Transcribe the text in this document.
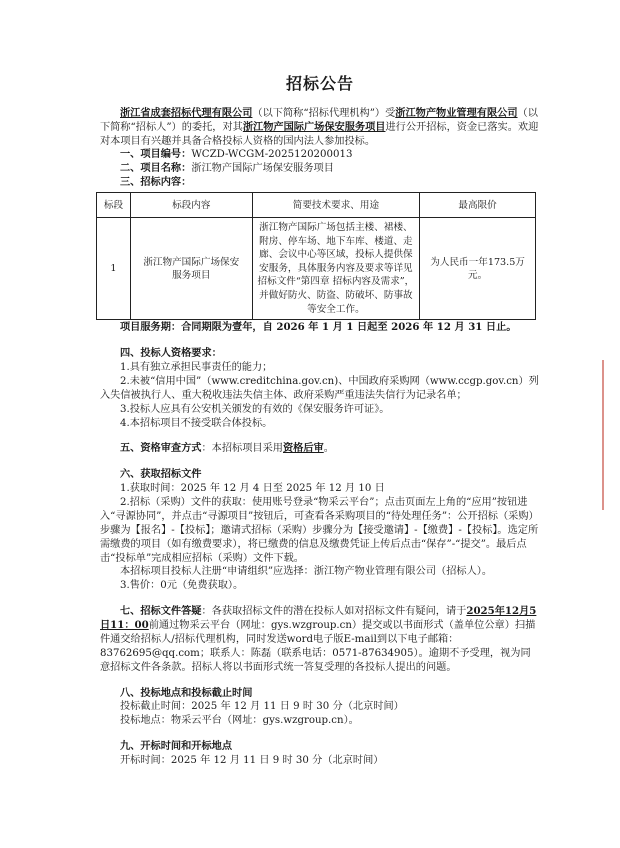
招标公告

浙江省成套招标代理有限公司（以下简称“招标代理机构”）受浙江物产物业管理有限公司（以下简称“招标人”）的委托，对其浙江物产国际广场保安服务项目进行公开招标，资金已落实。欢迎对本项目有兴趣并具备合格投标人资格的国内法人参加投标。

一、项目编号：WCZD-WCGM-2025120200013

二、项目名称：浙江物产国际广场保安服务项目

三、招标内容：

标段	标段内容	简要技术要求、用途	最高限价
1	浙江物产国际广场保安服务项目	浙江物产国际广场包括主楼、裙楼、附房、停车场、地下车库、楼道、走廊、会议中心等区域，投标人提供保安服务，具体服务内容及要求等详见招标文件“第四章 招标内容及需求”，并做好防火、防盗、防破坏、防事故等安全工作。	为人民币一年173.5万元。

项目服务期：合同期限为壹年，自 2026 年 1 月 1 日起至 2026 年 12 月 31 日止。

四、投标人资格要求：

1.具有独立承担民事责任的能力；

2.未被“信用中国”（www.creditchina.gov.cn)、中国政府采购网（www.ccgp.gov.cn）列入失信被执行人、重大税收违法失信主体、政府采购严重违法失信行为记录名单；

3.投标人应具有公安机关颁发的有效的《保安服务许可证》。

4.本招标项目不接受联合体投标。

五、资格审查方式：本招标项目采用资格后审。

六、获取招标文件

1.获取时间：2025 年 12 月 4 日至 2025 年 12 月 10 日

2.招标（采购）文件的获取：使用账号登录“物采云平台”；点击页面左上角的“应用”按钮进入“寻源协同”，并点击“寻源项目”按钮后，可查看各采购项目的“待处理任务”：公开招标（采购）步骤为【报名】-【投标】；邀请式招标（采购）步骤分为【接受邀请】-【缴费】-【投标】。选定所需缴费的项目（如有缴费要求），将已缴费的信息及缴费凭证上传后点击“保存”-“提交”。最后点击“投标单”完成相应招标（采购）文件下载。

本招标项目投标人注册“申请组织”应选择：浙江物产物业管理有限公司（招标人）。

3.售价：0元（免费获取）。

七、招标文件答疑：各获取招标文件的潜在投标人如对招标文件有疑问，请于2025年12月5日11：00前通过物采云平台（网址：gys.wzgroup.cn）提交或以书面形式（盖单位公章）扫描件通交给招标人/招标代理机构，同时发送word电子版E-mail到以下电子邮箱：83762695@qq.com；联系人：陈磊（联系电话：0571-87634905）。逾期不予受理，视为同意招标文件各条款。招标人将以书面形式统一答复受理的各投标人提出的问题。

八、投标地点和投标截止时间

投标截止时间：2025 年 12 月 11 日 9 时 30 分（北京时间）

投标地点：物采云平台（网址：gys.wzgroup.cn）。

九、开标时间和开标地点

开标时间：2025 年 12 月 11 日 9 时 30 分（北京时间）
